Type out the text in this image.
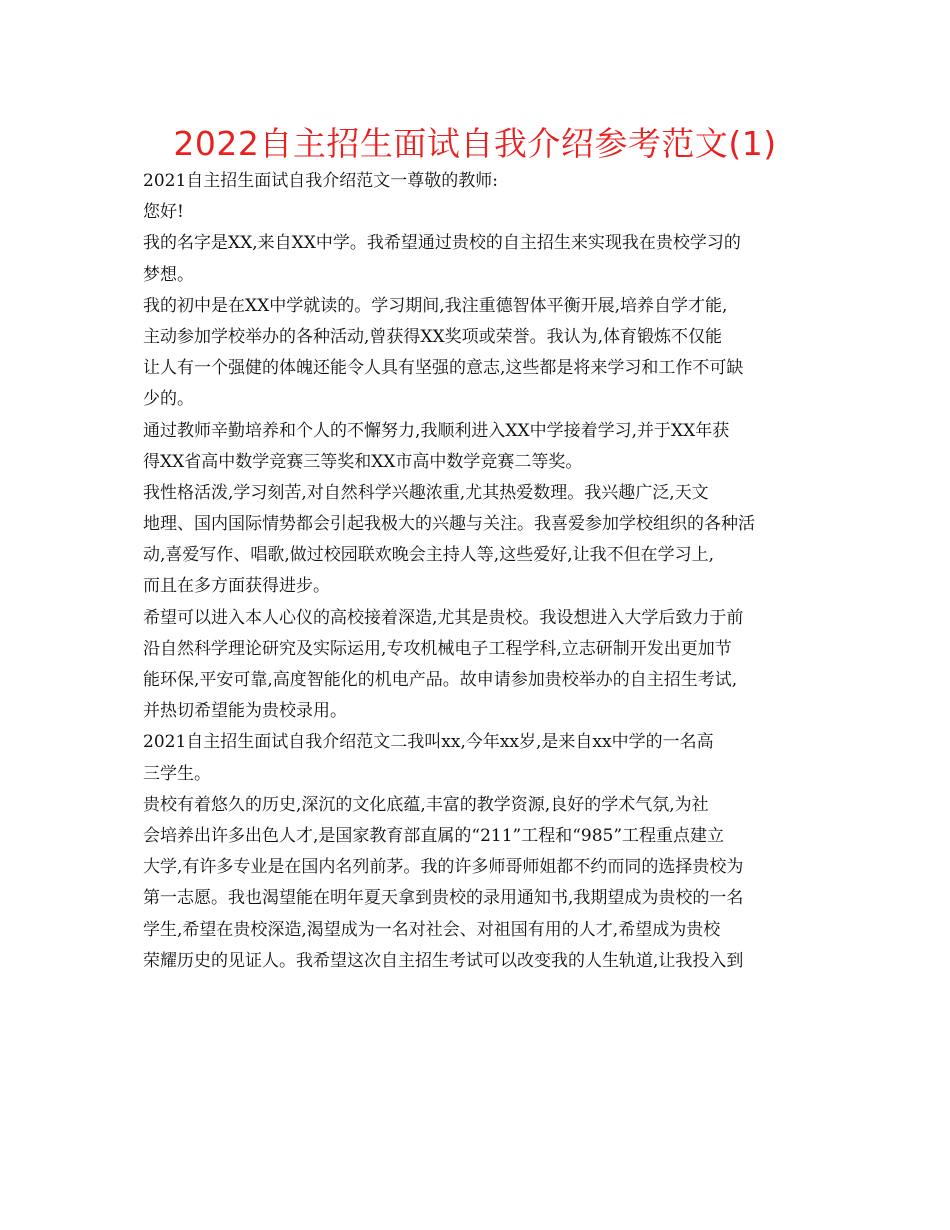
2022自主招生面试自我介绍参考范文(1)
2021自主招生面试自我介绍范文一尊敬的教师:
您好!
我的名字是XX,来自XX中学。我希望通过贵校的自主招生来实现我在贵校学习的
梦想。
我的初中是在XX中学就读的。学习期间,我注重德智体平衡开展,培养自学才能,
主动参加学校举办的各种活动,曾获得XX奖项或荣誉。我认为,体育锻炼不仅能
让人有一个强健的体魄还能令人具有坚强的意志,这些都是将来学习和工作不可缺
少的。
通过教师辛勤培养和个人的不懈努力,我顺利进入XX中学接着学习,并于XX年获
得XX省高中数学竞赛三等奖和XX市高中数学竞赛二等奖。
我性格活泼,学习刻苦,对自然科学兴趣浓重,尤其热爱数理。我兴趣广泛,天文
地理、国内国际情势都会引起我极大的兴趣与关注。我喜爱参加学校组织的各种活
动,喜爱写作、唱歌,做过校园联欢晚会主持人等,这些爱好,让我不但在学习上,
而且在多方面获得进步。
希望可以进入本人心仪的高校接着深造,尤其是贵校。我设想进入大学后致力于前
沿自然科学理论研究及实际运用,专攻机械电子工程学科,立志研制开发出更加节
能环保,平安可靠,高度智能化的机电产品。故申请参加贵校举办的自主招生考试,
并热切希望能为贵校录用。
2021自主招生面试自我介绍范文二我叫xx,今年xx岁,是来自xx中学的一名高
三学生。
贵校有着悠久的历史,深沉的文化底蕴,丰富的教学资源,良好的学术气氛,为社
会培养出许多出色人才,是国家教育部直属的“211”工程和“985”工程重点建立
大学,有许多专业是在国内名列前茅。我的许多师哥师姐都不约而同的选择贵校为
第一志愿。我也渴望能在明年夏天拿到贵校的录用通知书,我期望成为贵校的一名
学生,希望在贵校深造,渴望成为一名对社会、对祖国有用的人才,希望成为贵校
荣耀历史的见证人。我希望这次自主招生考试可以改变我的人生轨道,让我投入到
